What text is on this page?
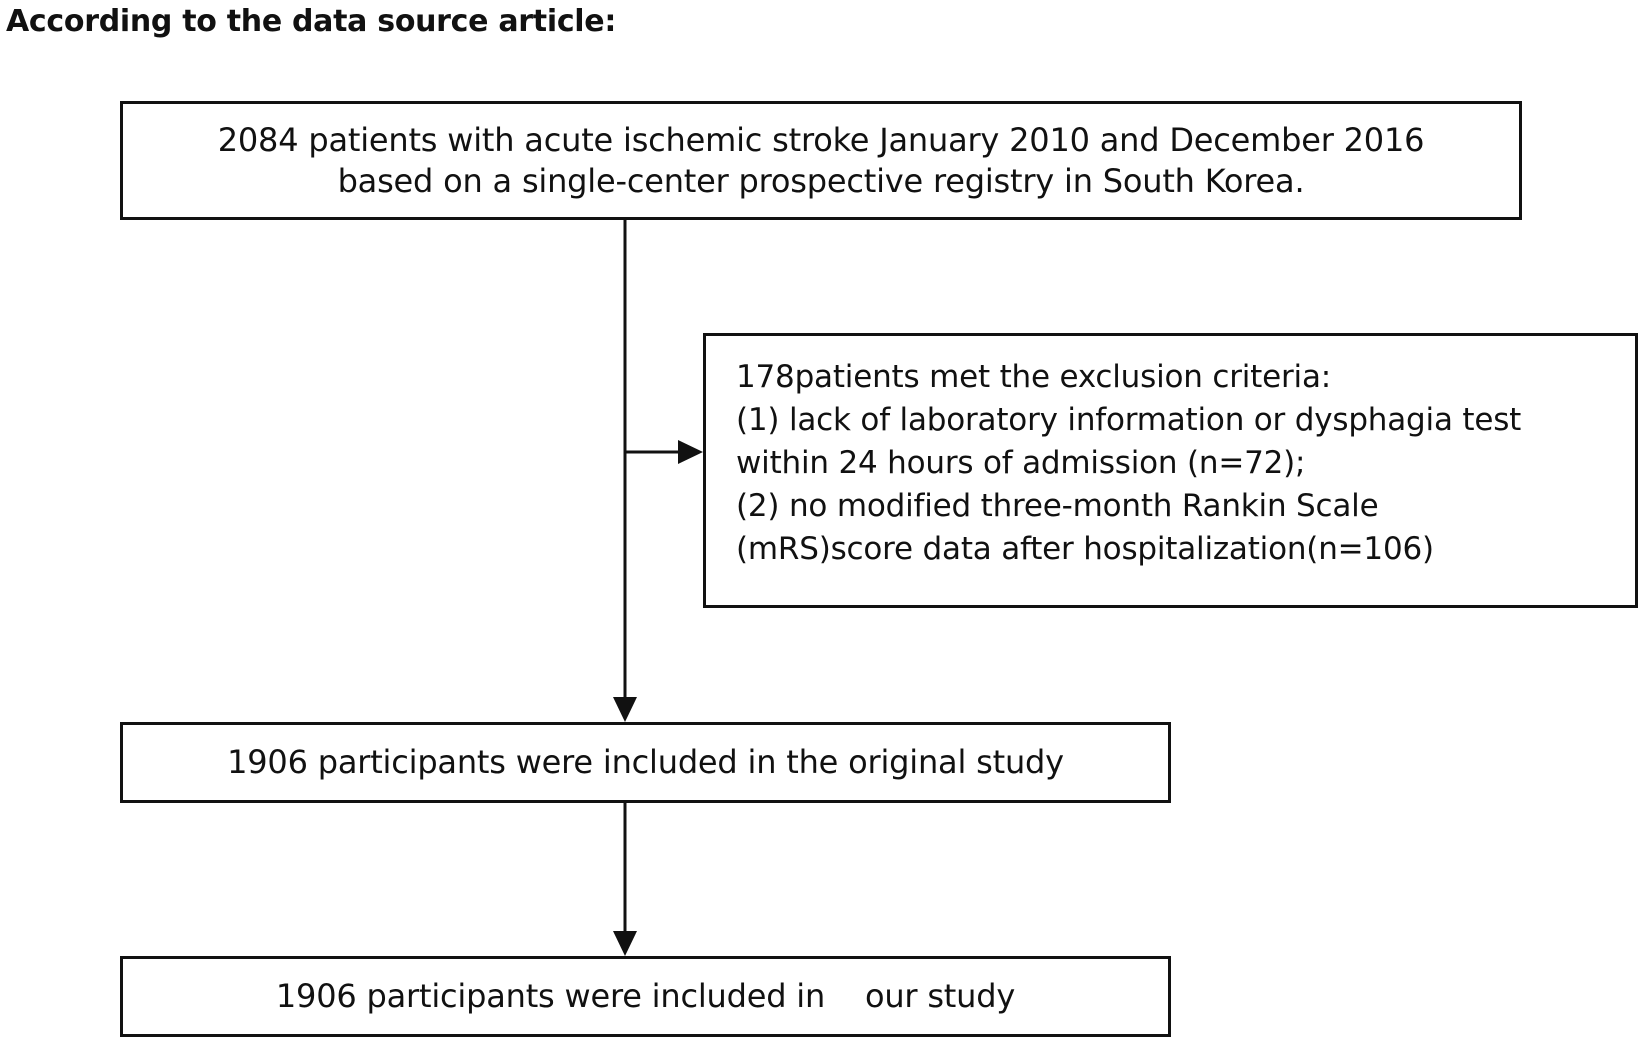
According to the data source article:
2084 patients with acute ischemic stroke January 2010 and December 2016
based on a single-center prospective registry in South Korea.
178patients met the exclusion criteria:
(1) lack of laboratory information or dysphagia test
within 24 hours of admission (n=72);
(2) no modified three-month Rankin Scale
(mRS)score data after hospitalization(n=106)
1906 participants were included in the original study
1906 participants were included in    our study
